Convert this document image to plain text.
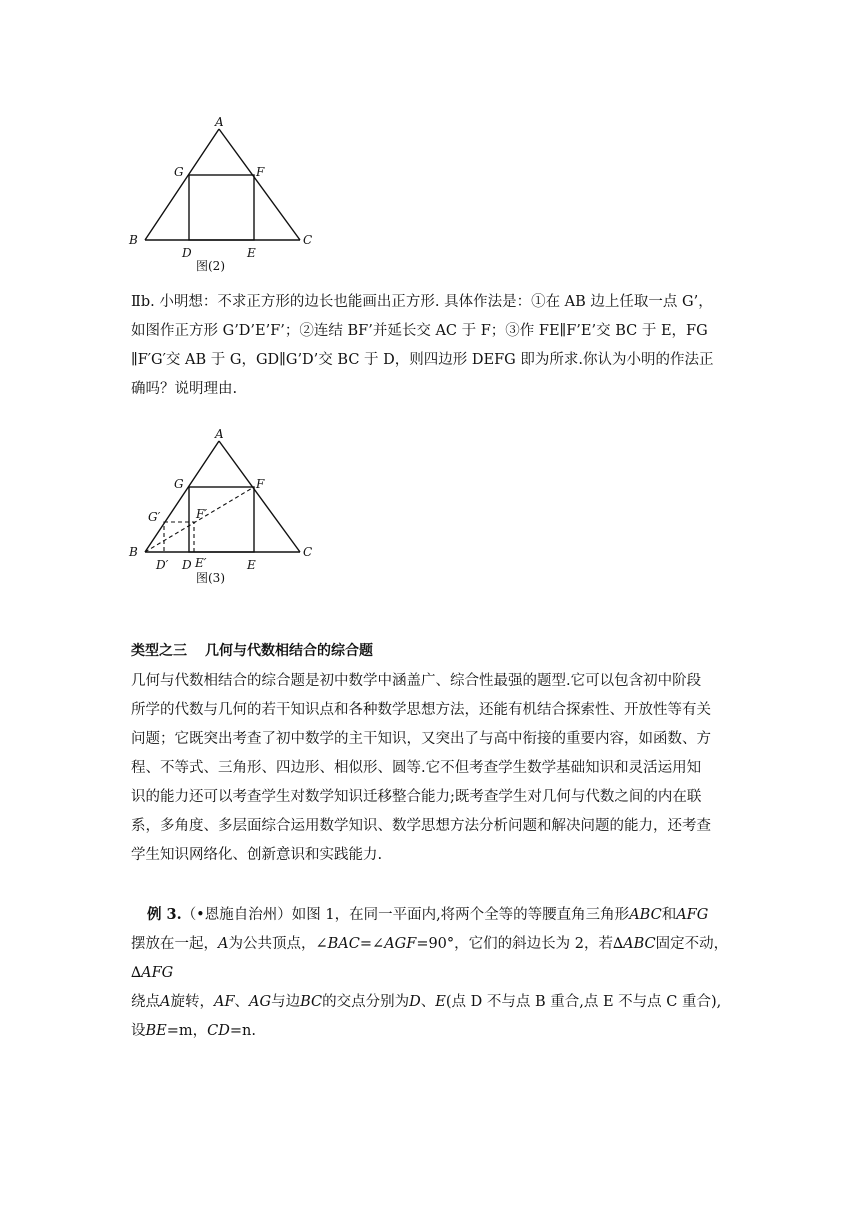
A
G	F
B	C
D	E
图(2)

Ⅱb. 小明想：不求正方形的边长也能画出正方形. 具体作法是：①在 AB 边上任取一点 G’，

如图作正方形 G’D’E’F’；②连结 BF’并延长交 AC 于 F；③作 FE∥F’E’交 BC 于 E，FG

∥F′G′交 AB 于 G，GD∥G’D’交 BC 于 D，则四边形 DEFG 即为所求.你认为小明的作法正

确吗？说明理由.

A
G	F
G′	F′
B	C
D′ D E′	E
图(3)
类型之三 几何与代数相结合的综合题

几何与代数相结合的综合题是初中数学中涵盖广、综合性最强的题型.它可以包含初中阶段

所学的代数与几何的若干知识点和各种数学思想方法，还能有机结合探索性、开放性等有关

问题；它既突出考查了初中数学的主干知识，又突出了与高中衔接的重要内容，如函数、方

程、不等式、三角形、四边形、相似形、圆等.它不但考查学生数学基础知识和灵活运用知

识的能力还可以考查学生对数学知识迁移整合能力;既考查学生对几何与代数之间的内在联

系，多角度、多层面综合运用数学知识、数学思想方法分析问题和解决问题的能力，还考查

学生知识网络化、创新意识和实践能力.

例 3.（•恩施自治州）如图 1，在同一平面内,将两个全等的等腰直角三角形ABC和AFG

摆放在一起，A为公共顶点，∠BAC=∠AGF=90°，它们的斜边长为 2，若∆ABC固定不动，∆AFG

绕点A旋转，AF、AG与边BC的交点分别为D、E(点 D 不与点 B 重合,点 E 不与点 C 重合),

设BE=m，CD=n.
